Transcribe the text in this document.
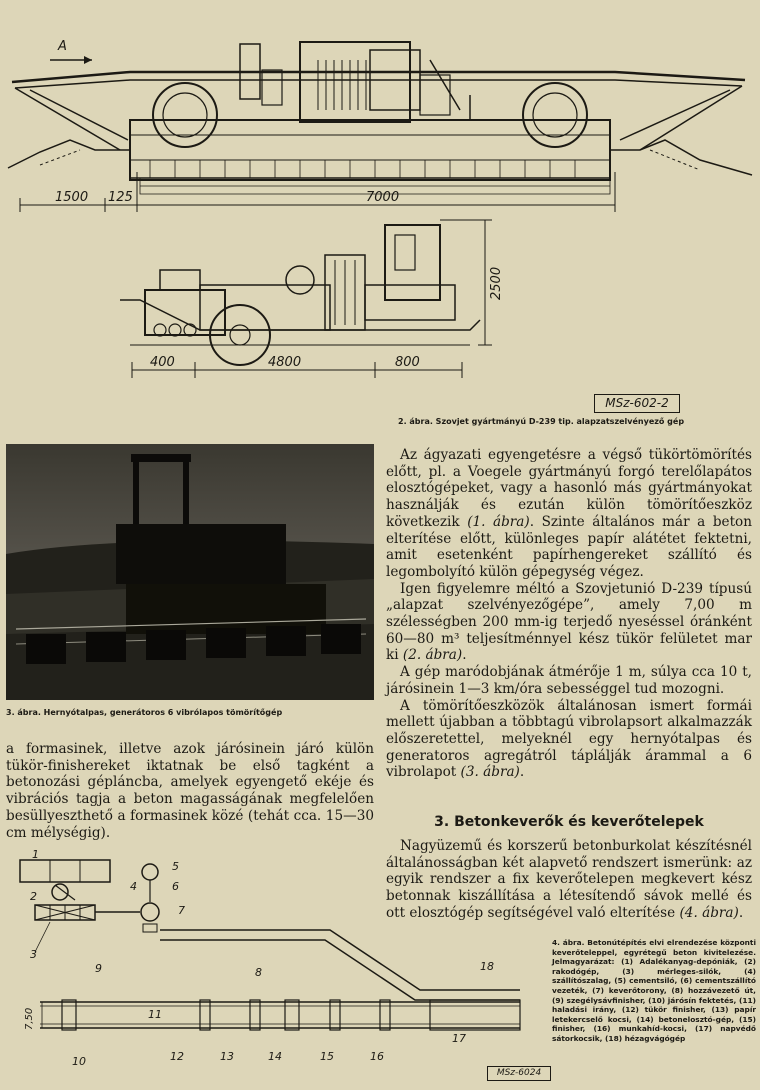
A
1500 125	7000
2500
400	4800	800
MSz-602-2
2. ábra. Szovjet gyártmányú D-239 tip. alapzatszelvényező gép
3. ábra. Hernyótalpas, generátoros 6 vibrólapos tömörítőgép

a formasinek, illetve azok járósinein járó külön tükör-finishereket iktatnak be első tagként a betonozási gépláncba, amelyek egyengető ekéje és vibrációs tagja a beton magasságának megfelelően besüllyeszthető a formasinek közé (tehát cca. 15—30 cm mélységig).

Az ágyazati egyengetésre a végső tükörtömörítés előtt, pl. a Voegele gyártmányú forgó terelőlapátos elosztógépeket, vagy a hasonló más gyártmányokat használják és ezután külön tömörítőeszköz következik (1. ábra). Szinte általános már a beton elterítése előtt, különleges papír alátétet fektetni, amit esetenként papírhengereket szállító és legombolyító külön gépegység végez.

Igen figyelemre méltó a Szovjetunió D-239 típusú „alapzat szelvényezőgépe”, amely 7,00 m szélességben 200 mm-ig terjedő nyeséssel óránként 60—80 m³ teljesítménnyel kész tükör felületet mar ki (2. ábra).

A gép maródobjának átmérője 1 m, súlya cca 10 t, járósinein 1—3 km/óra sebességgel tud mozogni.

A tömörítőeszközök általánosan ismert formái mellett újabban a többtagú vibrolapsort alkalmazzák előszeretettel, melyeknél egy hernyótalpas és generatoros agregátról táplálják árammal a 6 vibrolapot (3. ábra).

3. Betonkeverők és keverőtelepek

Nagyüzemű és korszerű betonburkolat készítésnél általánosságban két alapvető rendszert ismerünk: az egyik rendszer a fix keverőtelepen megkevert kész betonnak kiszállítása a létesítendő sávok mellé és ott elosztógép segítségével való elterítése (4. ábra).

1
2
3
4
5
6
7
8
9
7,50
10
11
12	13	14	15	16
17
18
MSz-6024
4. ábra. Betonútépítés elvi elrendezése központi keverőteleppel, egyrétegű beton kivitelezése. Jelmagyarázat: (1) Adalékanyag-depóniák, (2) rakodógép, (3) mérleges-silók, (4) szállítószalag, (5) cementsiló, (6) cementszállító vezeték, (7) keverőtorony, (8) hozzávezető út, (9) szegélysávfinisher, (10) járósín fektetés, (11) haladási irány, (12) tükör finisher, (13) papír letekercselő kocsi, (14) betonelosztó-gép, (15) finisher, (16) munkahíd-kocsi, (17) napvédő sátorkocsik, (18) hézagvágógép
